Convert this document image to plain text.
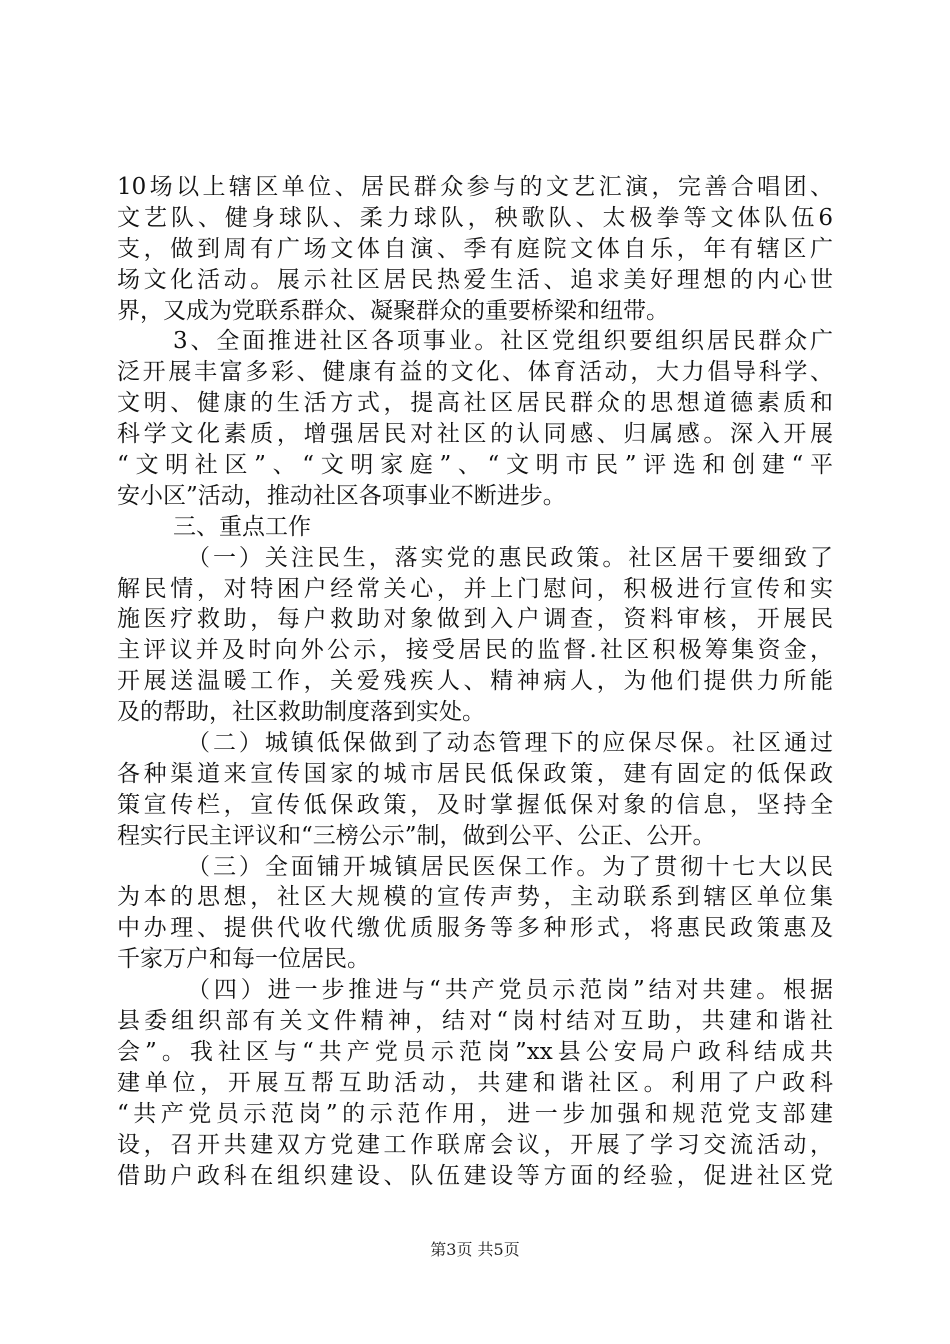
10场以上辖区单位、居民群众参与的文艺汇演，完善合唱团、
文艺队、健身球队、柔力球队，秧歌队、太极拳等文体队伍6
支，做到周有广场文体自演、季有庭院文体自乐，年有辖区广
场文化活动。展示社区居民热爱生活、追求美好理想的内心世
界，又成为党联系群众、凝聚群众的重要桥梁和纽带。
3、全面推进社区各项事业。社区党组织要组织居民群众广
泛开展丰富多彩、健康有益的文化、体育活动，大力倡导科学、
文明、健康的生活方式，提高社区居民群众的思想道德素质和
科学文化素质，增强居民对社区的认同感、归属感。深入开展
“文明社区”、“文明家庭”、“文明市民”评选和创建“平
安小区”活动，推动社区各项事业不断进步。
三、重点工作
（一）关注民生，落实党的惠民政策。社区居干要细致了
解民情，对特困户经常关心，并上门慰问，积极进行宣传和实
施医疗救助，每户救助对象做到入户调查，资料审核，开展民
主评议并及时向外公示，接受居民的监督.社区积极筹集资金，
开展送温暖工作，关爱残疾人、精神病人，为他们提供力所能
及的帮助，社区救助制度落到实处。
（二）城镇低保做到了动态管理下的应保尽保。社区通过
各种渠道来宣传国家的城市居民低保政策，建有固定的低保政
策宣传栏，宣传低保政策，及时掌握低保对象的信息，坚持全
程实行民主评议和“三榜公示”制，做到公平、公正、公开。
（三）全面铺开城镇居民医保工作。为了贯彻十七大以民
为本的思想，社区大规模的宣传声势，主动联系到辖区单位集
中办理、提供代收代缴优质服务等多种形式，将惠民政策惠及
千家万户和每一位居民。
（四）进一步推进与“共产党员示范岗”结对共建。根据
县委组织部有关文件精神，结对“岗村结对互助，共建和谐社
会”。我社区与“共产党员示范岗”xx县公安局户政科结成共
建单位，开展互帮互助活动，共建和谐社区。利用了户政科
“共产党员示范岗”的示范作用，进一步加强和规范党支部建
设，召开共建双方党建工作联席会议，开展了学习交流活动，
借助户政科在组织建设、队伍建设等方面的经验，促进社区党
第3页 共5页
